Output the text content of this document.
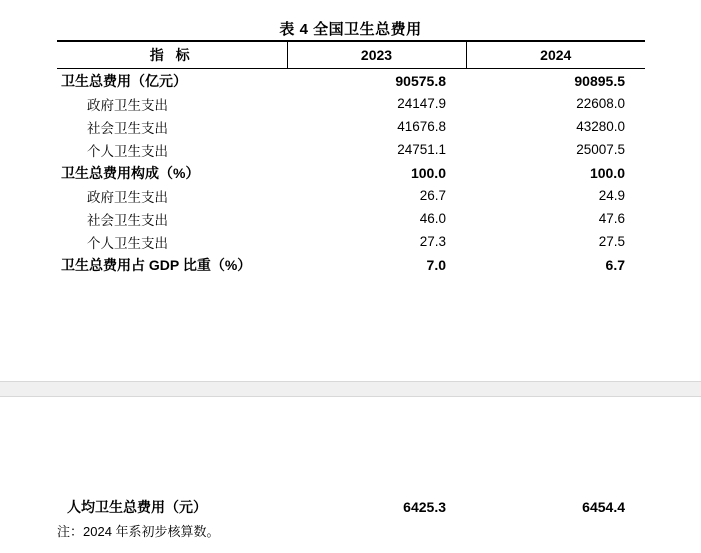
表 4 全国卫生总费用
指 标	2023	2024
卫生总费用（亿元）	90575.8	90895.5
政府卫生支出	24147.9	22608.0
社会卫生支出	41676.8	43280.0
个人卫生支出	24751.1	25007.5
卫生总费用构成（%）	100.0	100.0
政府卫生支出	26.7	24.9
社会卫生支出	46.0	47.6
个人卫生支出	27.3	27.5
卫生总费用占 GDP 比重（%）	7.0	6.7
人均卫生总费用（元）	6425.3	6454.4
注：2024 年系初步核算数。
